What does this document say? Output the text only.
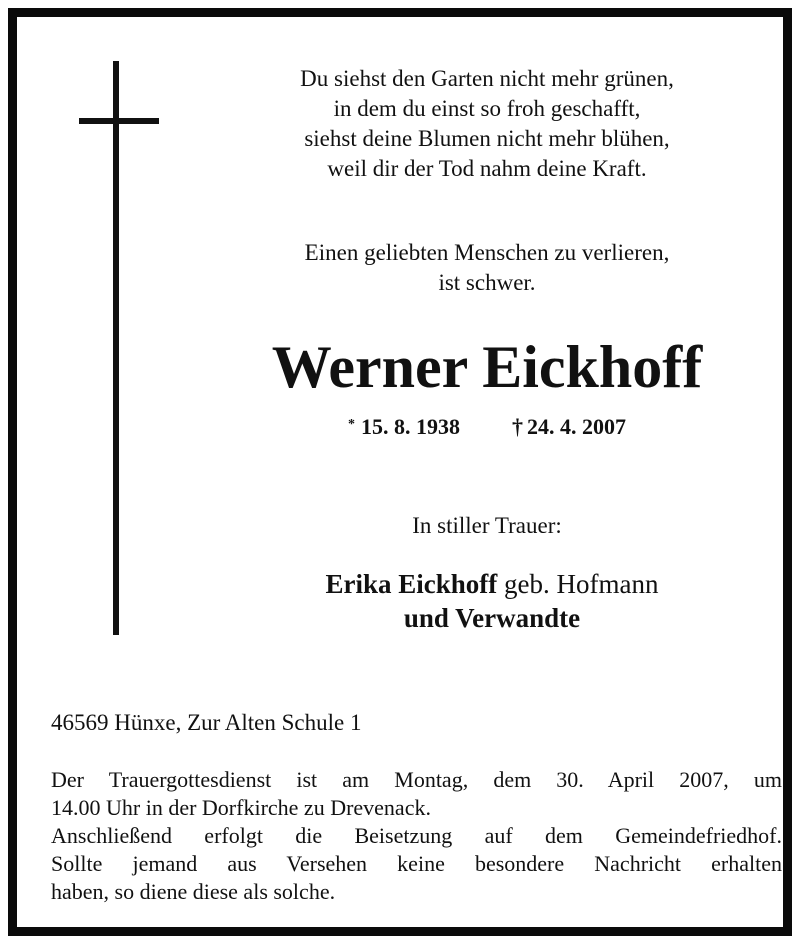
Du siehst den Garten nicht mehr grünen,
in dem du einst so froh geschafft,
siehst deine Blumen nicht mehr blühen,
weil dir der Tod nahm deine Kraft.
Einen geliebten Menschen zu verlieren,
ist schwer.
Werner Eickhoff
* 15. 8. 1938 † 24. 4. 2007
In stiller Trauer:
Erika Eickhoff geb. Hofmann
und Verwandte
46569 Hünxe, Zur Alten Schule 1
Der Trauergottesdienst ist am Montag, dem 30. April 2007, um
14.00 Uhr in der Dorfkirche zu Drevenack.
Anschließend erfolgt die Beisetzung auf dem Gemeindefriedhof.
Sollte jemand aus Versehen keine besondere Nachricht erhalten
haben, so diene diese als solche.
